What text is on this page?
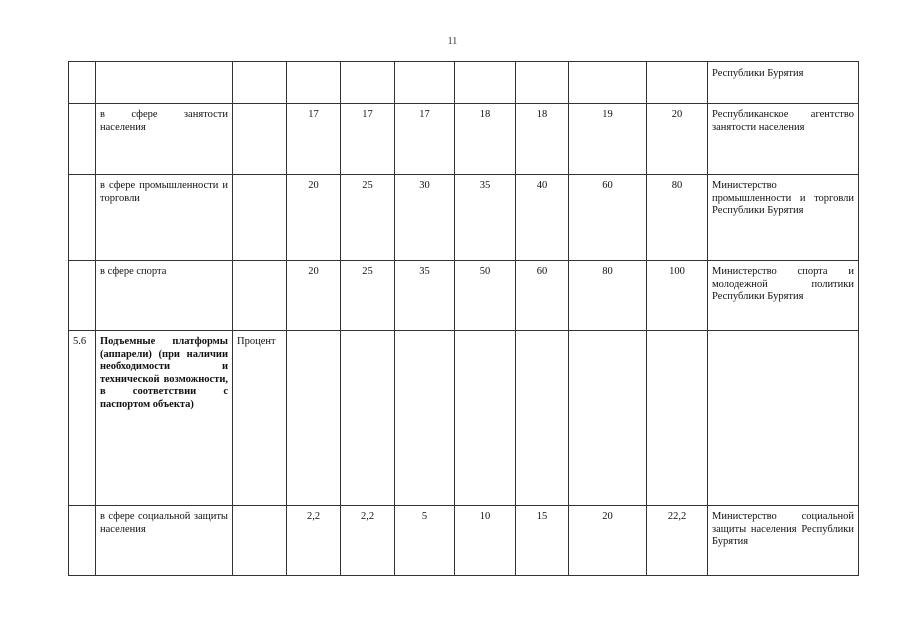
11
										Республики Бурятия
	в сфере занятости населения		17	17	17	18	18	19	20	Республиканское агентство занятости населения
	в сфере промышленности и торговли		20	25	30	35	40	60	80	Министерство промышленности и торговли Республики Бурятия
	в сфере спорта		20	25	35	50	60	80	100	Министерство спорта и молодежной политики Республики Бурятия
5.6	Подъемные платформы (аппарели) (при наличии необходимости и технической возможности, в соответствии с паспортом объекта)	Процент								
	в сфере социальной защиты населения		2,2	2,2	5	10	15	20	22,2	Министерство социальной защиты населения Республики Бурятия
